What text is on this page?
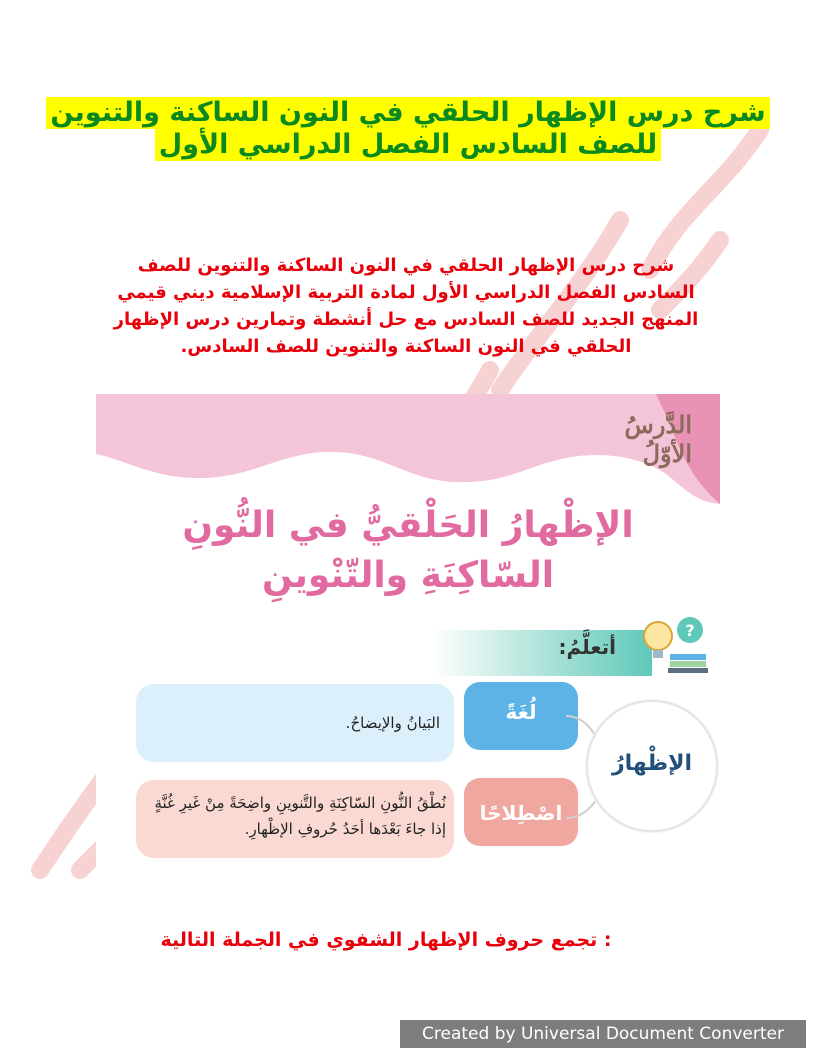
شرح درس الإظهار الحلقي في النون الساكنة والتنوين
للصف السادس الفصل الدراسي الأول
شرح درس الإظهار الحلقي في النون الساكنة والتنوين للصف السادس الفصل الدراسي الأول لمادة التربية الإسلامية ديني قيمي المنهج الجديد للصف السادس مع حل أنشطة وتمارين درس الإظهار الحلقي في النون الساكنة والتنوين للصف السادس.
الدَّرسُ الأوّلُ
الإظْهارُ الحَلْقيُّ في النُّونِ
السّاكِنَةِ والتّنْوينِ
أتعلَّمُ:
?
البَيانُ والإيضاحُ.
نُطْقُ النُّونِ السّاكِنَةِ والتَّنوينِ واضِحَةً مِنْ غَيرِ غُنَّةٍ إذا جاءَ بَعْدَها أحَدُ حُروفِ الإظْهارِ.
لُغَةً
اصْطِلاحًا
الإظْهارُ
: تجمع حروف الإظهار الشفوي في الجملة التالية
Created by Universal Document Converter
